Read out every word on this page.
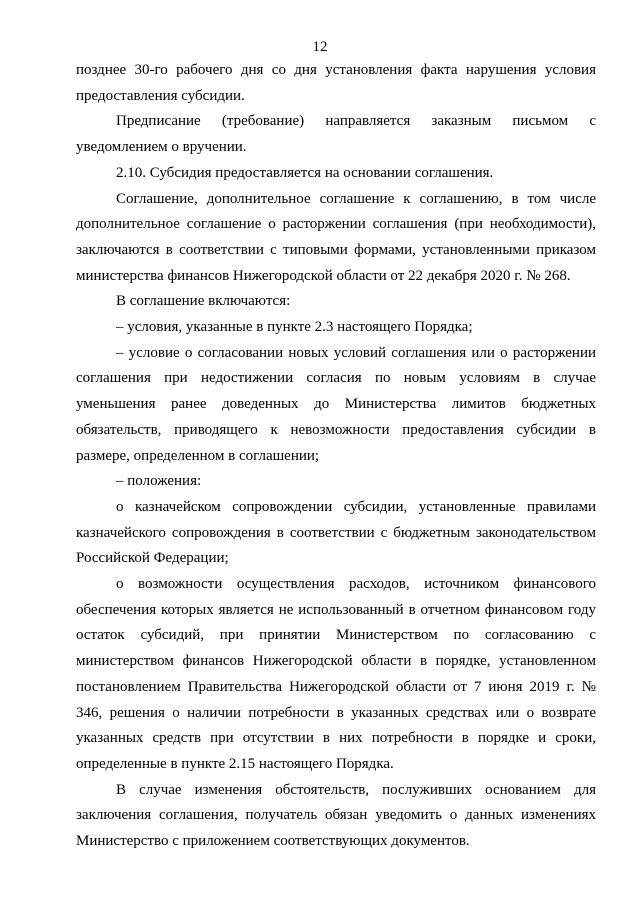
12

позднее 30-го рабочего дня со дня установления факта нарушения условия предоставления субсидии.

Предписание (требование) направляется заказным письмом с уведомлением о вручении.

2.10. Субсидия предоставляется на основании соглашения.

Соглашение, дополнительное соглашение к соглашению, в том числе дополнительное соглашение о расторжении соглашения (при необходимости), заключаются в соответствии с типовыми формами, установленными приказом министерства финансов Нижегородской области от 22 декабря 2020 г. № 268.

В соглашение включаются:

– условия, указанные в пункте 2.3 настоящего Порядка;

– условие о согласовании новых условий соглашения или о расторжении соглашения при недостижении согласия по новым условиям в случае уменьшения ранее доведенных до Министерства лимитов бюджетных обязательств, приводящего к невозможности предоставления субсидии в размере, определенном в соглашении;

– положения:

о казначейском сопровождении субсидии, установленные правилами казначейского сопровождения в соответствии с бюджетным законодательством Российской Федерации;

о возможности осуществления расходов, источником финансового обеспечения которых является не использованный в отчетном финансовом году остаток субсидий, при принятии Министерством по согласованию с министерством финансов Нижегородской области в порядке, установленном постановлением Правительства Нижегородской области от 7 июня 2019 г. № 346, решения о наличии потребности в указанных средствах или о возврате указанных средств при отсутствии в них потребности в порядке и сроки, определенные в пункте 2.15 настоящего Порядка.

В случае изменения обстоятельств, послуживших основанием для заключения соглашения, получатель обязан уведомить о данных изменениях Министерство с приложением соответствующих документов.
